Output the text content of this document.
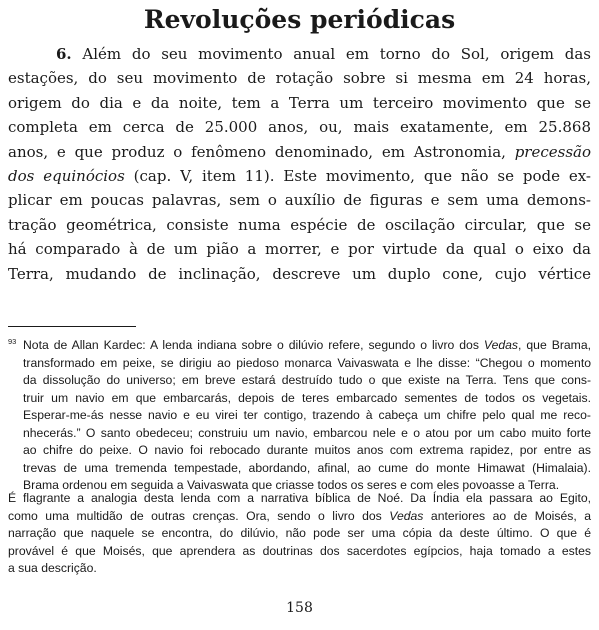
Revoluções periódicas
6. Além do seu movimento anual em torno do Sol, origem das
estações, do seu movimento de rotação sobre si mesma em 24 horas,
origem do dia e da noite, tem a Terra um terceiro movimento que se
completa em cerca de 25.000 anos, ou, mais exatamente, em 25.868
anos, e que produz o fenômeno denominado, em Astronomia, precessão
dos equinócios (cap. V, item 11). Este movimento, que não se pode ex-
plicar em poucas palavras, sem o auxílio de figuras e sem uma demons-
tração geométrica, consiste numa espécie de oscilação circular, que se
há comparado à de um pião a morrer, e por virtude da qual o eixo da
Terra, mudando de inclinação, descreve um duplo cone, cujo vértice
$^{93}$ Nota de Allan Kardec: A lenda indiana sobre o dilúvio refere, segundo o livro dos Vedas, que Brama,
transformado em peixe, se dirigiu ao piedoso monarca Vaivaswata e lhe disse: “Chegou o momento
da dissolução do universo; em breve estará destruído tudo o que existe na Terra. Tens que cons-
truir um navio em que embarcarás, depois de teres embarcado sementes de todos os vegetais.
Esperar-me-ás nesse navio e eu virei ter contigo, trazendo à cabeça um chifre pelo qual me reco-
nhecerás.” O santo obedeceu; construiu um navio, embarcou nele e o atou por um cabo muito forte
ao chifre do peixe. O navio foi rebocado durante muitos anos com extrema rapidez, por entre as
trevas de uma tremenda tempestade, abordando, afinal, ao cume do monte Himawat (Himalaia).
Brama ordenou em seguida a Vaivaswata que criasse todos os seres e com eles povoasse a Terra.
É flagrante a analogia desta lenda com a narrativa bíblica de Noé. Da Índia ela passara ao Egito,
como uma multidão de outras crenças. Ora, sendo o livro dos Vedas anteriores ao de Moisés, a
narração que naquele se encontra, do dilúvio, não pode ser uma cópia da deste último. O que é
provável é que Moisés, que aprendera as doutrinas dos sacerdotes egípcios, haja tomado a estes
a sua descrição.
158
